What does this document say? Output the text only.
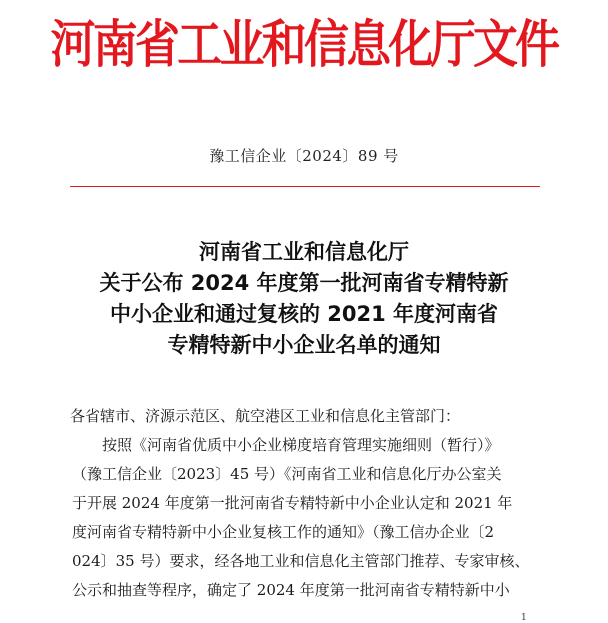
河南省工业和信息化厅文件
豫工信企业〔2024〕89 号
河南省工业和信息化厅
关于公布 2024 年度第一批河南省专精特新
中小企业和通过复核的 2021 年度河南省
专精特新中小企业名单的通知
各省辖市、济源示范区、航空港区工业和信息化主管部门：
按照《河南省优质中小企业梯度培育管理实施细则（暂行）》
（豫工信企业〔2023〕45 号）《河南省工业和信息化厅办公室关
于开展 2024 年度第一批河南省专精特新中小企业认定和 2021 年
度河南省专精特新中小企业复核工作的通知》（豫工信办企业〔2
024〕35 号）要求，经各地工业和信息化主管部门推荐、专家审核、
公示和抽查等程序，确定了 2024 年度第一批河南省专精特新中小
1
